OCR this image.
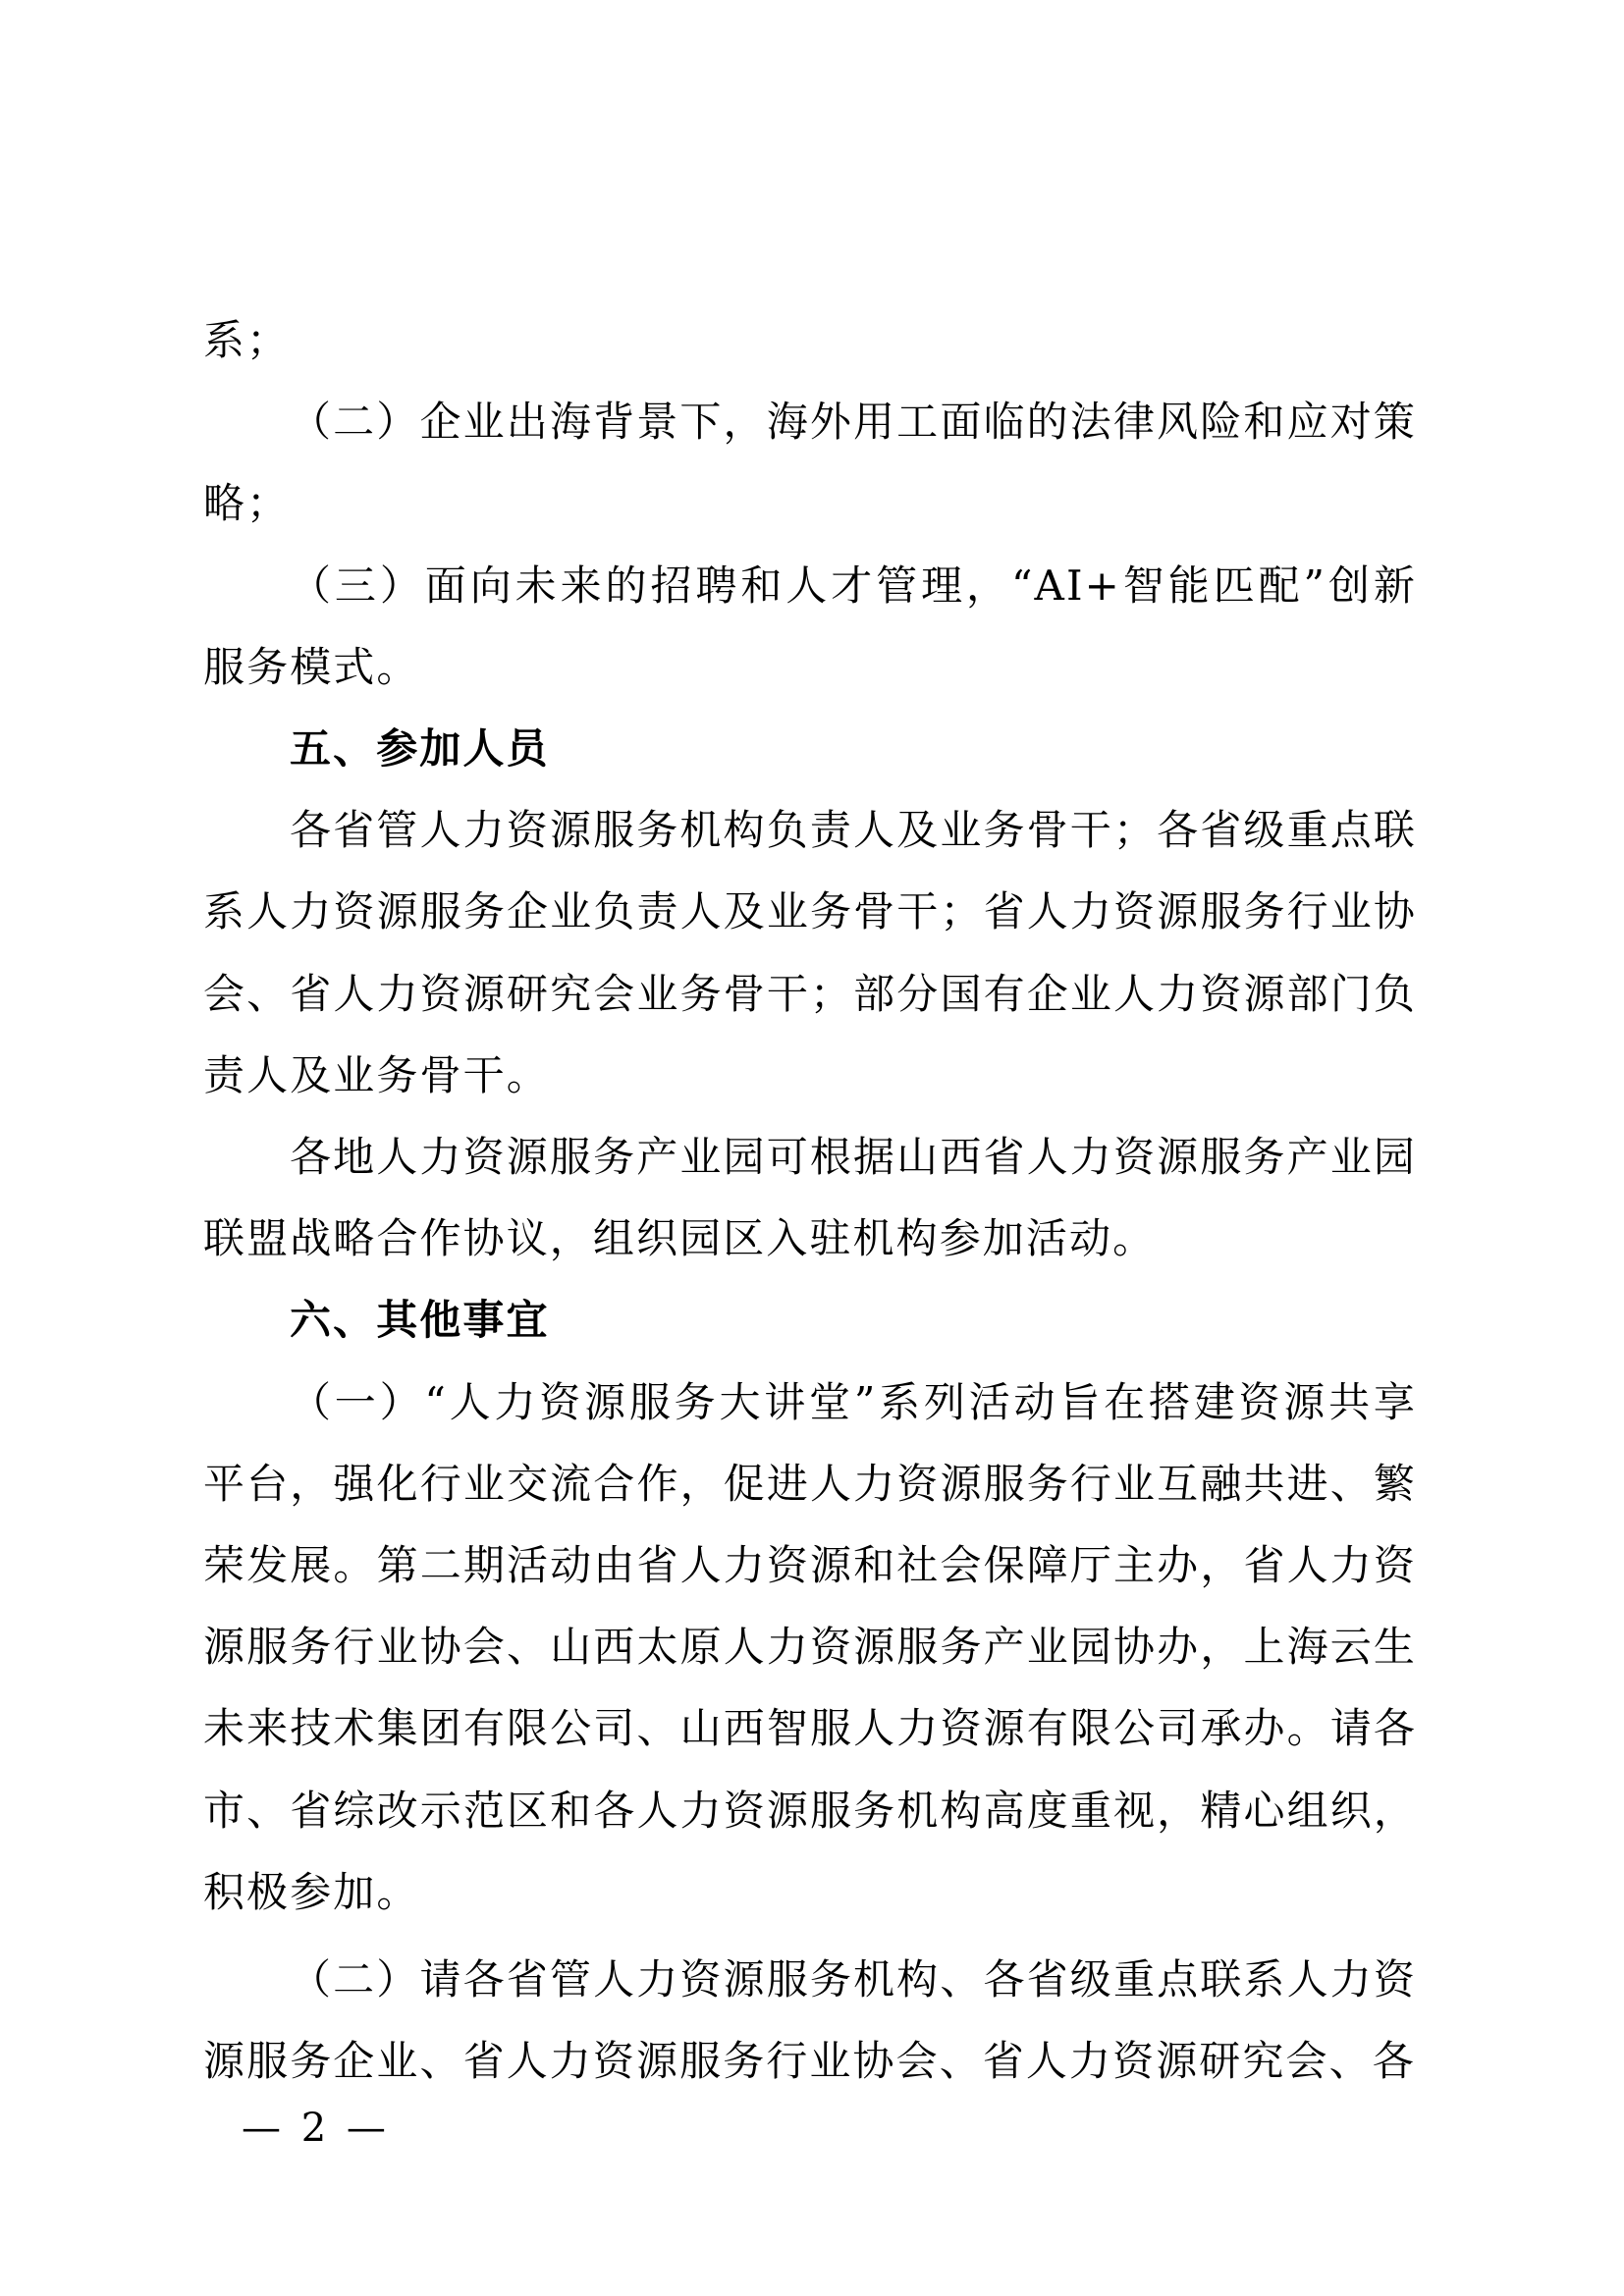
系；

（二）企业出海背景下，海外用工面临的法律风险和应对策略；

（三）面向未来的招聘和人才管理，“AI+智能匹配”创新服务模式。

五、参加人员

各省管人力资源服务机构负责人及业务骨干；各省级重点联系人力资源服务企业负责人及业务骨干；省人力资源服务行业协会、省人力资源研究会业务骨干；部分国有企业人力资源部门负责人及业务骨干。

各地人力资源服务产业园可根据山西省人力资源服务产业园联盟战略合作协议，组织园区入驻机构参加活动。

六、其他事宜

（一）“人力资源服务大讲堂”系列活动旨在搭建资源共享平台，强化行业交流合作，促进人力资源服务行业互融共进、繁荣发展。第二期活动由省人力资源和社会保障厅主办，省人力资源服务行业协会、山西太原人力资源服务产业园协办，上海云生未来技术集团有限公司、山西智服人力资源有限公司承办。请各市、省综改示范区和各人力资源服务机构高度重视，精心组织，积极参加。

（二）请各省管人力资源服务机构、各省级重点联系人力资源服务企业、省人力资源服务行业协会、省人力资源研究会、各

— 2 —
